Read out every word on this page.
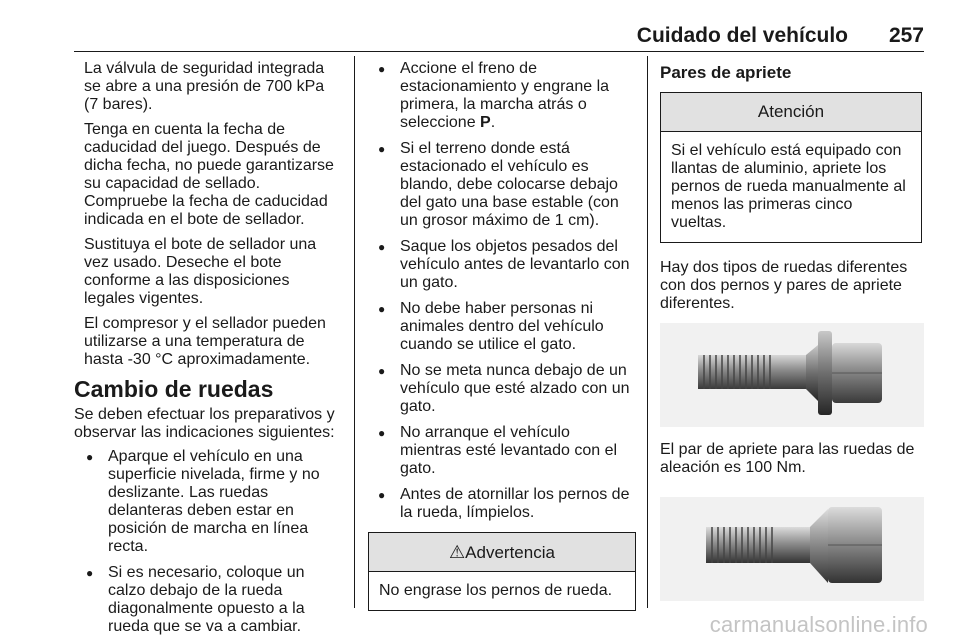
Cuidado del vehículo 257

La válvula de seguridad integrada se abre a una presión de 700 kPa (7 bares).

Tenga en cuenta la fecha de caducidad del juego. Después de dicha fecha, no puede garantizarse su capacidad de sellado. Compruebe la fecha de caducidad indicada en el bote de sellador.

Sustituya el bote de sellador una vez usado. Deseche el bote conforme a las disposiciones legales vigentes.

El compresor y el sellador pueden utilizarse a una temperatura de hasta -30 °C aproximadamente.

Cambio de ruedas

Se deben efectuar los preparativos y observar las indicaciones siguientes:

● Aparque el vehículo en una superficie nivelada, firme y no deslizante. Las ruedas delanteras deben estar en posición de marcha en línea recta.
● Si es necesario, coloque un calzo debajo de la rueda diagonalmente opuesto a la rueda que se va a cambiar.
● Accione el freno de estacionamiento y engrane la primera, la marcha atrás o seleccione P.
● Si el terreno donde está estacionado el vehículo es blando, debe colocarse debajo del gato una base estable (con un grosor máximo de 1 cm).
● Saque los objetos pesados del vehículo antes de levantarlo con un gato.
● No debe haber personas ni animales dentro del vehículo cuando se utilice el gato.
● No se meta nunca debajo de un vehículo que esté alzado con un gato.
● No arranque el vehículo mientras esté levantado con el gato.
● Antes de atornillar los pernos de la rueda, límpielos.
⚠Advertencia
No engrase los pernos de rueda.
Pares de apriete
Atención
Si el vehículo está equipado con llantas de aluminio, apriete los pernos de rueda manualmente al menos las primeras cinco vueltas.

Hay dos tipos de ruedas diferentes con dos pernos y pares de apriete diferentes.

El par de apriete para las ruedas de aleación es 100 Nm.

carmanualsonline.info
